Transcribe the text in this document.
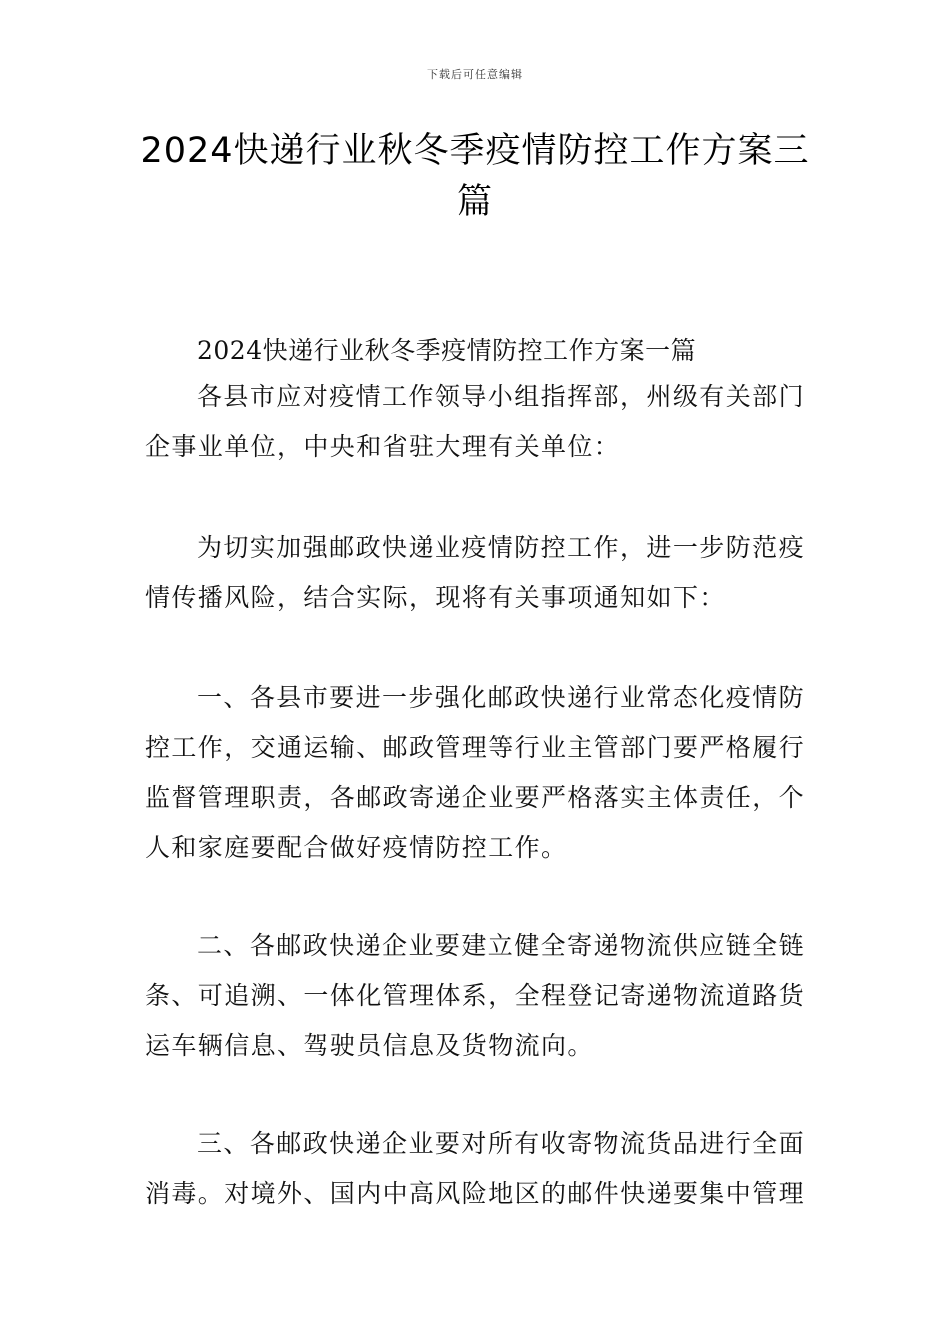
下载后可任意编辑
2024快递行业秋冬季疫情防控工作方案三篇

2024快递行业秋冬季疫情防控工作方案一篇

各县市应对疫情工作领导小组指挥部，州级有关部门企事业单位，中央和省驻大理有关单位：

为切实加强邮政快递业疫情防控工作，进一步防范疫情传播风险，结合实际，现将有关事项通知如下：

一、各县市要进一步强化邮政快递行业常态化疫情防控工作，交通运输、邮政管理等行业主管部门要严格履行监督管理职责，各邮政寄递企业要严格落实主体责任，个人和家庭要配合做好疫情防控工作。

二、各邮政快递企业要建立健全寄递物流供应链全链条、可追溯、一体化管理体系，全程登记寄递物流道路货运车辆信息、驾驶员信息及货物流向。

三、各邮政快递企业要对所有收寄物流货品进行全面消毒。对境外、国内中高风险地区的邮件快递要集中管理
